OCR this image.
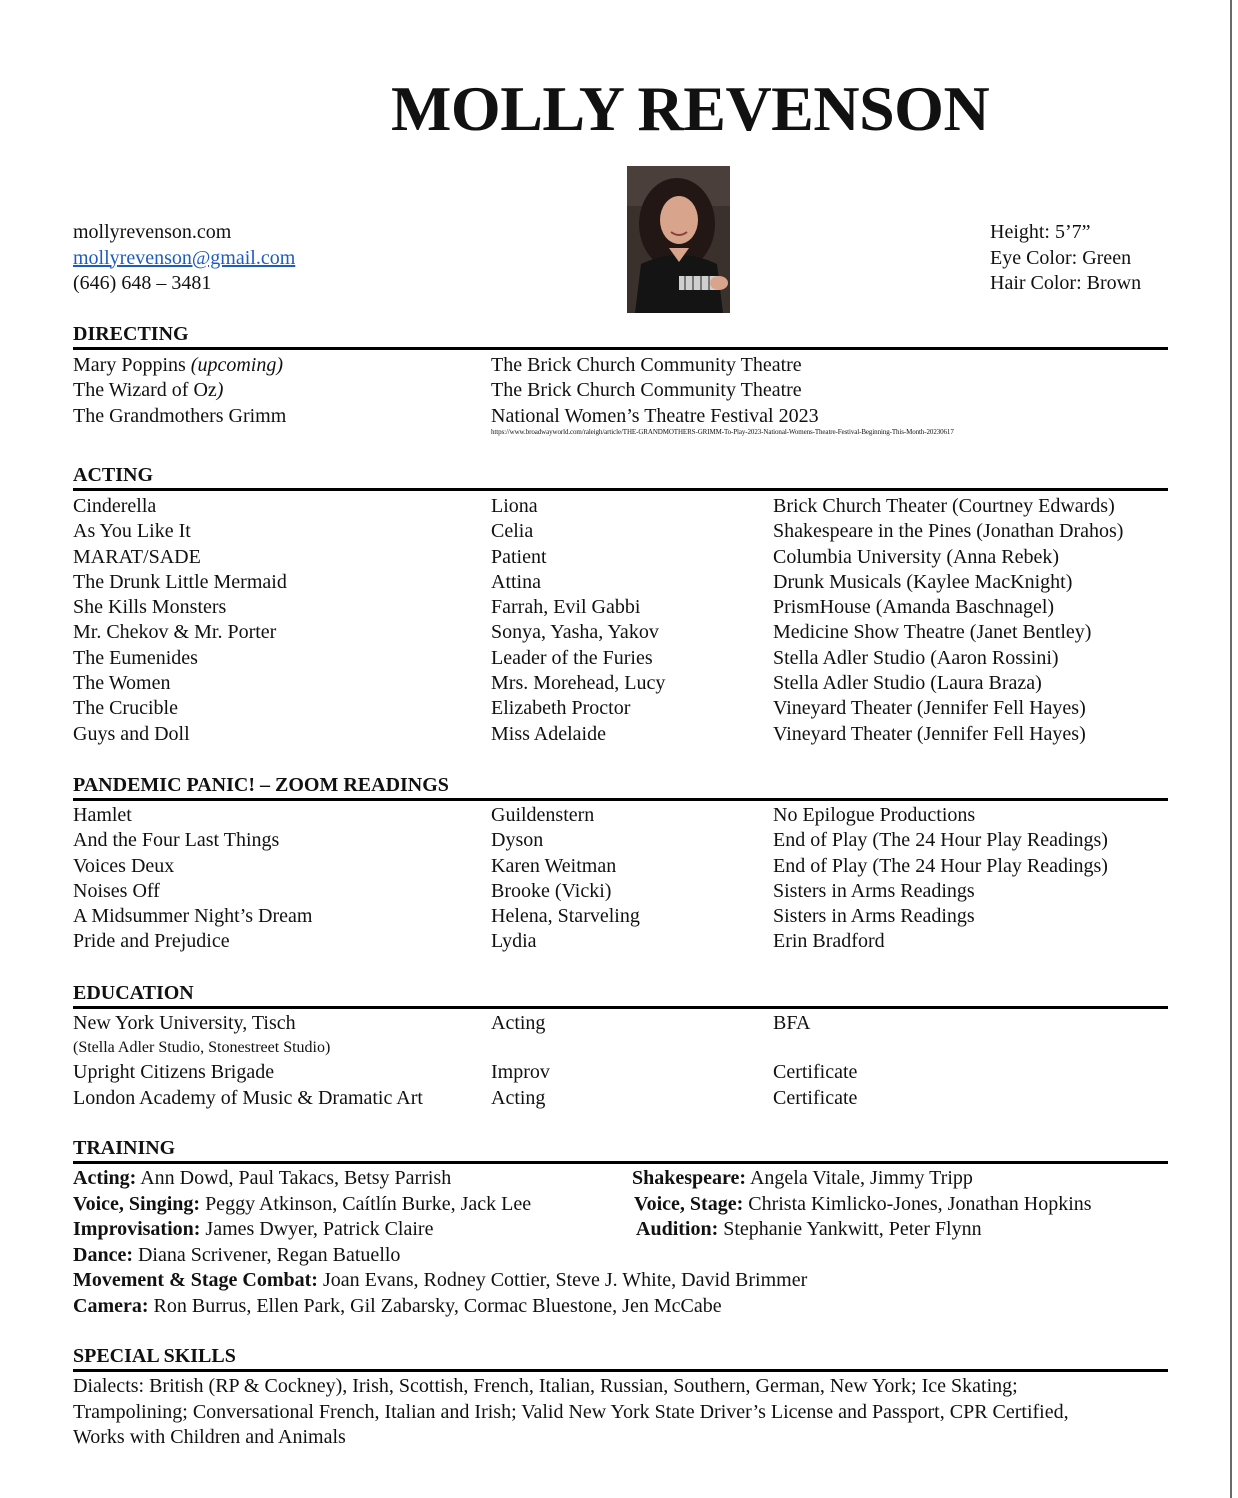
MOLLY REVENSON
mollyrevenson.com
mollyrevenson@gmail.com
(646) 648 – 3481
Height: 5’7”
Eye Color: Green
Hair Color: Brown
DIRECTING
Mary Poppins (upcoming)	The Brick Church Community Theatre
The Wizard of Oz)	The Brick Church Community Theatre
The Grandmothers Grimm	National Women’s Theatre Festival 2023
https://www.broadwayworld.com/raleigh/article/THE-GRANDMOTHERS-GRIMM-To-Play-2023-National-Womens-Theatre-Festival-Beginning-This-Month-20230617
ACTING
Cinderella	Liona	Brick Church Theater (Courtney Edwards)
As You Like It	Celia	Shakespeare in the Pines (Jonathan Drahos)
MARAT/SADE	Patient	Columbia University (Anna Rebek)
The Drunk Little Mermaid	Attina	Drunk Musicals (Kaylee MacKnight)
She Kills Monsters	Farrah, Evil Gabbi	PrismHouse (Amanda Baschnagel)
Mr. Chekov & Mr. Porter	Sonya, Yasha, Yakov	Medicine Show Theatre (Janet Bentley)
The Eumenides	Leader of the Furies	Stella Adler Studio (Aaron Rossini)
The Women	Mrs. Morehead, Lucy	Stella Adler Studio (Laura Braza)
The Crucible	Elizabeth Proctor	Vineyard Theater (Jennifer Fell Hayes)
Guys and Doll	Miss Adelaide	Vineyard Theater (Jennifer Fell Hayes)
PANDEMIC PANIC! – ZOOM READINGS
Hamlet	Guildenstern	No Epilogue Productions
And the Four Last Things	Dyson	End of Play (The 24 Hour Play Readings)
Voices Deux	Karen Weitman	End of Play (The 24 Hour Play Readings)
Noises Off	Brooke (Vicki)	Sisters in Arms Readings
A Midsummer Night’s Dream	Helena, Starveling	Sisters in Arms Readings
Pride and Prejudice	Lydia	Erin Bradford
EDUCATION
New York University, Tisch	Acting	BFA
(Stella Adler Studio, Stonestreet Studio)
Upright Citizens Brigade	Improv	Certificate
London Academy of Music & Dramatic Art	Acting	Certificate
TRAINING
Acting: Ann Dowd, Paul Takacs, Betsy Parrish	Shakespeare: Angela Vitale, Jimmy Tripp
Voice, Singing: Peggy Atkinson, Caítlín Burke, Jack Lee	Voice, Stage: Christa Kimlicko-Jones, Jonathan Hopkins
Improvisation: James Dwyer, Patrick Claire	Audition: Stephanie Yankwitt, Peter Flynn
Dance: Diana Scrivener, Regan Batuello
Movement & Stage Combat: Joan Evans, Rodney Cottier, Steve J. White, David Brimmer
Camera: Ron Burrus, Ellen Park, Gil Zabarsky, Cormac Bluestone, Jen McCabe
SPECIAL SKILLS
Dialects: British (RP & Cockney), Irish, Scottish, French, Italian, Russian, Southern, German, New York; Ice Skating; Trampolining; Conversational French, Italian and Irish; Valid New York State Driver’s License and Passport, CPR Certified, Works with Children and Animals
